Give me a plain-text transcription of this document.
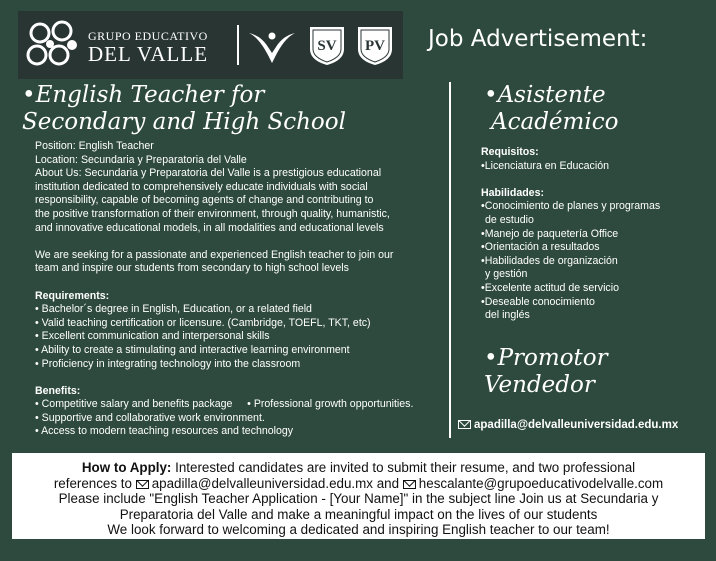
GRUPO EDUCATIVO
DEL VALLE	SV PV Job Advertisement:
•English Teacher for
Secondary and High School
Position: English Teacher
Location: Secundaria y Preparatoria del Valle
About Us: Secundaria y Preparatoria del Valle is a prestigious educational
institution dedicated to comprehensively educate individuals with social
responsibility, capable of becoming agents of change and contributing to
the positive transformation of their environment, through quality, humanistic,
and innovative educational models, in all modalities and educational levels
We are seeking for a passionate and experienced English teacher to join our
team and inspire our students from secondary to high school levels
Requirements:
• Bachelor´s degree in English, Education, or a related field
• Valid teaching certification or licensure. (Cambridge, TOEFL, TKT, etc)
• Excellent communication and interpersonal skills
• Ability to create a stimulating and interactive learning environment
• Proficiency in integrating technology into the classroom
Benefits:
• Competitive salary and benefits package     • Professional growth opportunities.
• Supportive and collaborative work environment.
• Access to modern teaching resources and technology
•Asistente
Académico
Requisitos:
•Licenciatura en Educación
Habilidades:
•Conocimiento de planes y programas
de estudio
•Manejo de paquetería Office
•Orientación a resultados
•Habilidades de organización
y gestión
•Excelente actitud de servicio
•Deseable conocimiento
del inglés
•Promotor
Vendedor
apadilla@delvalleuniversidad.edu.mx
How to Apply: Interested candidates are invited to submit their resume, and two professional
references to apadilla@delvalleuniversidad.edu.mx and hescalante@grupoeducativodelvalle.com
Please include "English Teacher Application - [Your Name]" in the subject line Join us at Secundaria y
Preparatoria del Valle and make a meaningful impact on the lives of our students
We look forward to welcoming a dedicated and inspiring English teacher to our team!
